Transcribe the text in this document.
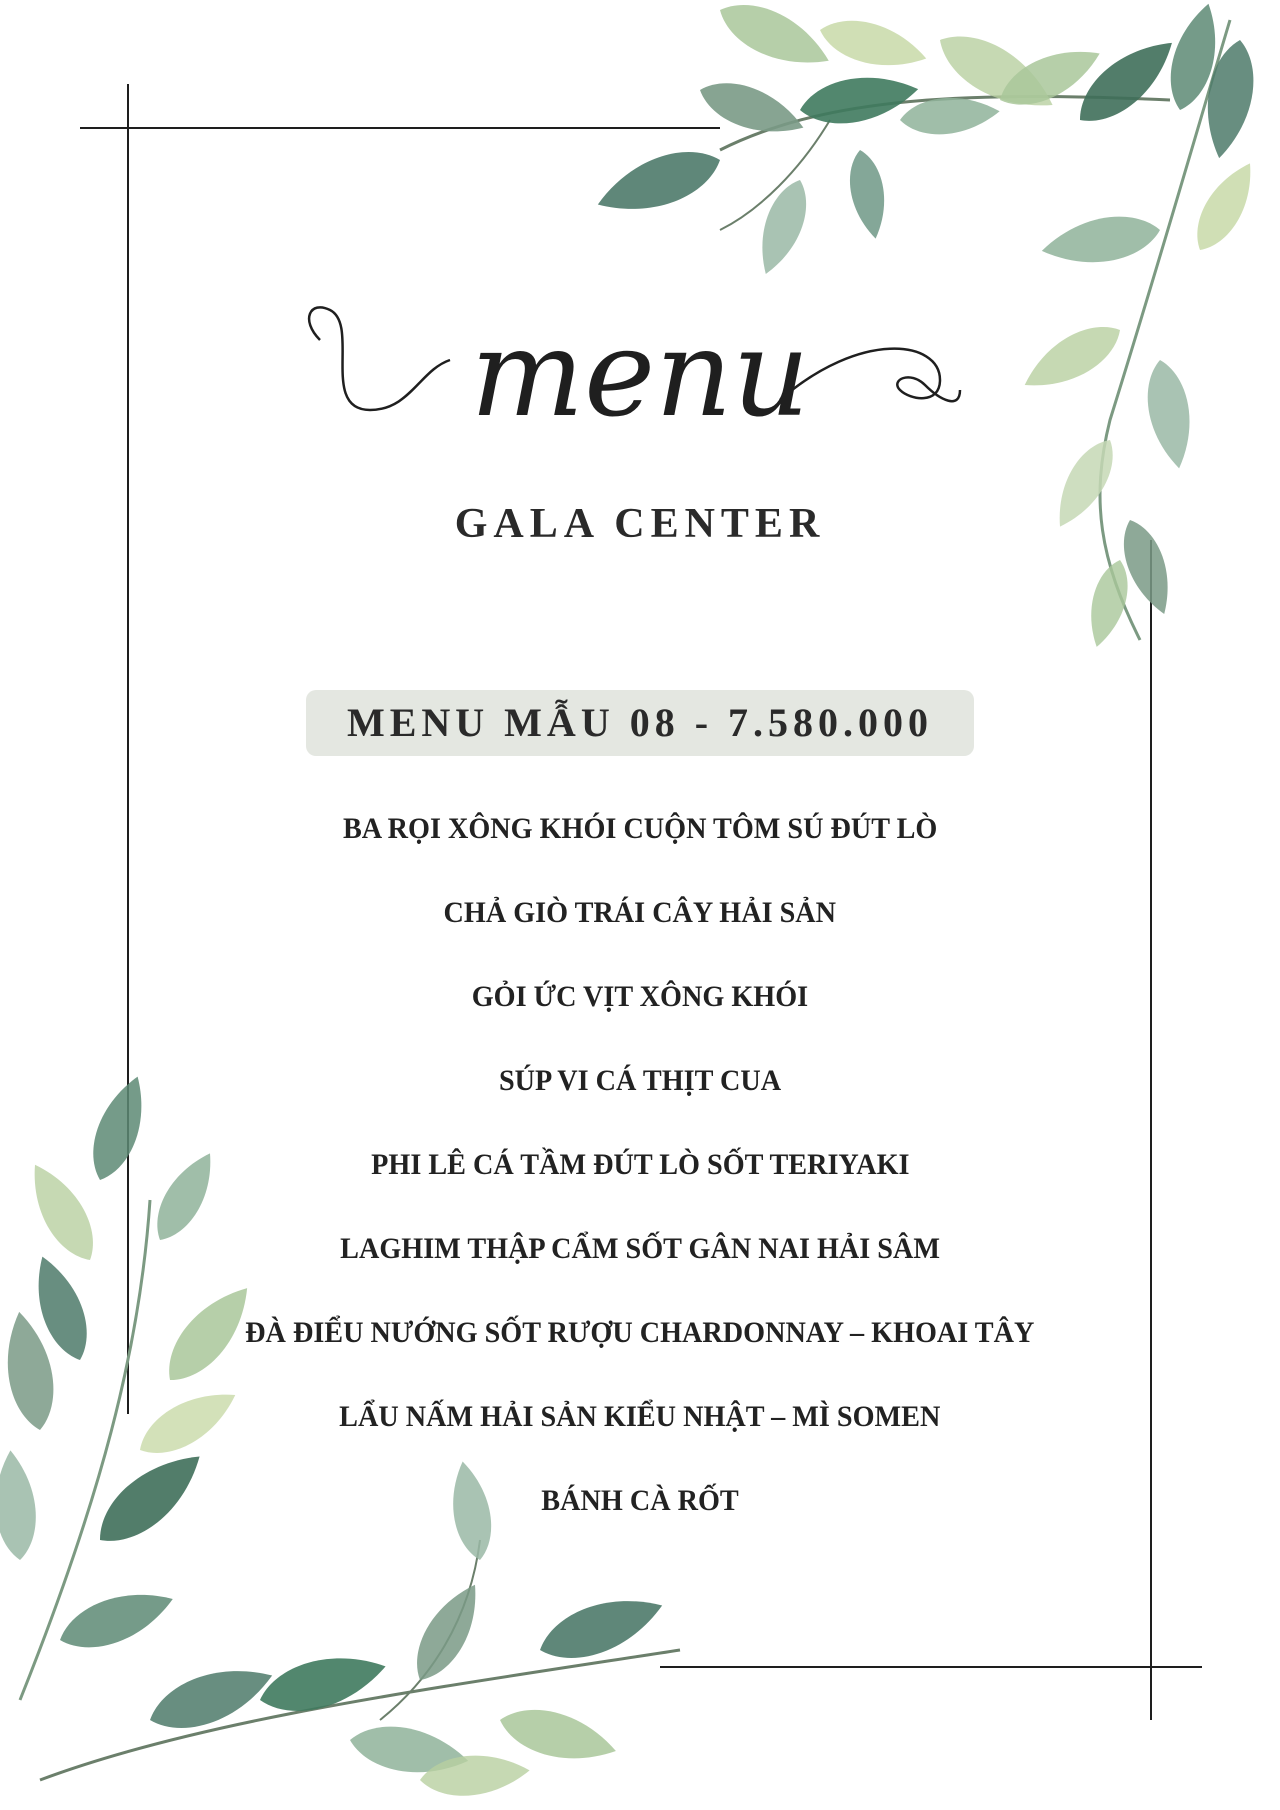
menu
GALA CENTER
MENU MẪU 08 - 7.580.000
BA RỌI XÔNG KHÓI CUỘN TÔM SÚ ĐÚT LÒ
CHẢ GIÒ TRÁI CÂY HẢI SẢN
GỎI ỨC VỊT XÔNG KHÓI
SÚP VI CÁ THỊT CUA
PHI LÊ CÁ TẦM ĐÚT LÒ SỐT TERIYAKI
LAGHIM THẬP CẨM SỐT GÂN NAI HẢI SÂM
ĐÀ ĐIỂU NƯỚNG SỐT RƯỢU CHARDONNAY – KHOAI TÂY
LẨU NẤM HẢI SẢN KIỂU NHẬT – MÌ SOMEN
BÁNH CÀ RỐT
